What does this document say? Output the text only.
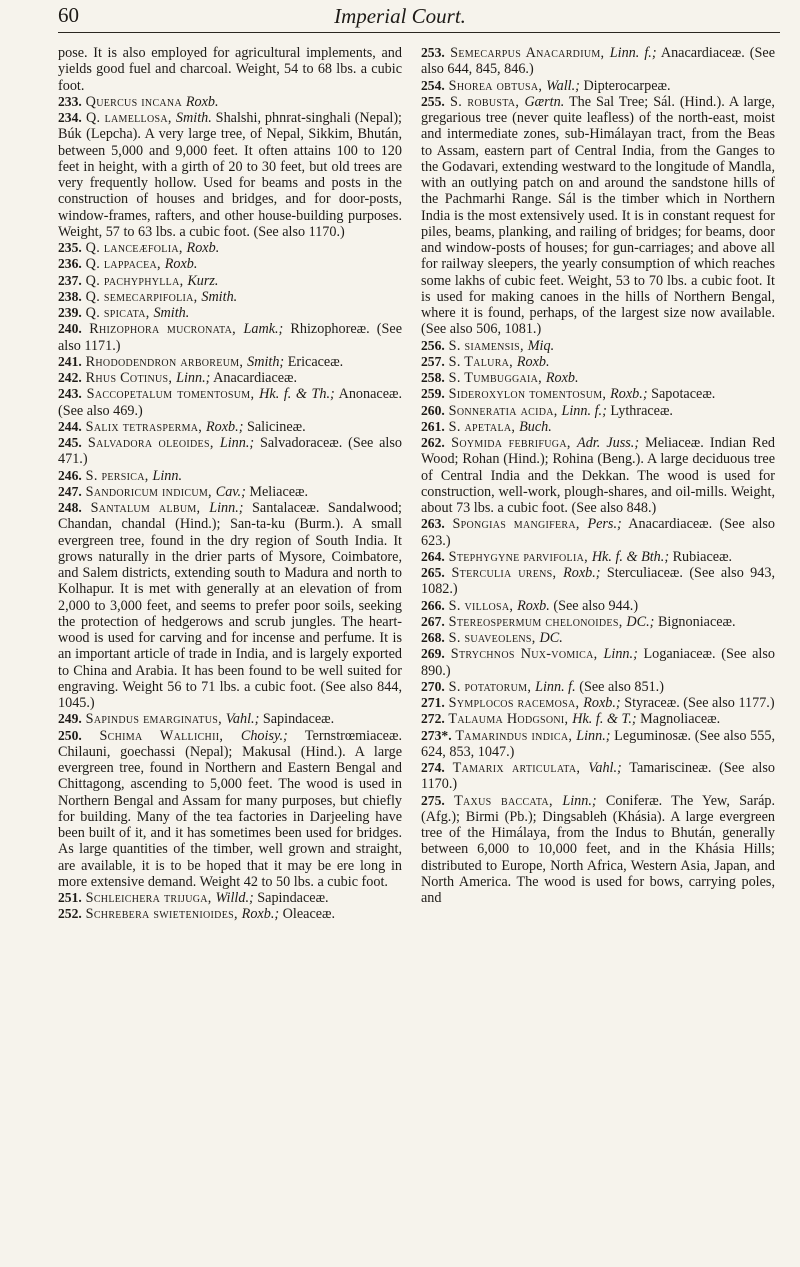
60	Imperial Court.

pose. It is also employed for agricultural implements, and yields good fuel and charcoal. Weight, 54 to 68 lbs. a cubic foot.

233. Quercus incana Roxb.

234. Q. lamellosa, Smith. Shalshi, phnrat-singhali (Nepal); Búk (Lepcha). A very large tree, of Nepal, Sikkim, Bhután, between 5,000 and 9,000 feet. It often attains 100 to 120 feet in height, with a girth of 20 to 30 feet, but old trees are very frequently hollow. Used for beams and posts in the construction of houses and bridges, and for door-posts, window-frames, rafters, and other house-building purposes. Weight, 57 to 63 lbs. a cubic foot. (See also 1170.)

235. Q. lanceæfolia, Roxb.

236. Q. lappacea, Roxb.

237. Q. pachyphylla, Kurz.

238. Q. semecarpifolia, Smith.

239. Q. spicata, Smith.

240. Rhizophora mucronata, Lamk.; Rhizophoreæ. (See also 1171.)

241. Rhododendron arboreum, Smith; Ericaceæ.

242. Rhus Cotinus, Linn.; Anacardiaceæ.

243. Saccopetalum tomentosum, Hk. f. & Th.; Anonaceæ. (See also 469.)

244. Salix tetrasperma, Roxb.; Salicineæ.

245. Salvadora oleoides, Linn.; Salvadoraceæ. (See also 471.)

246. S. persica, Linn.

247. Sandoricum indicum, Cav.; Meliaceæ.

248. Santalum album, Linn.; Santalaceæ. Sandalwood; Chandan, chandal (Hind.); San-ta-ku (Burm.). A small evergreen tree, found in the dry region of South India. It grows naturally in the drier parts of Mysore, Coimbatore, and Salem districts, extending south to Madura and north to Kolhapur. It is met with generally at an elevation of from 2,000 to 3,000 feet, and seems to prefer poor soils, seeking the protection of hedgerows and scrub jungles. The heart-wood is used for carving and for incense and perfume. It is an important article of trade in India, and is largely exported to China and Arabia. It has been found to be well suited for engraving. Weight 56 to 71 lbs. a cubic foot. (See also 844, 1045.)

249. Sapindus emarginatus, Vahl.; Sapindaceæ.

250. Schima Wallichii, Choisy.; Ternstrœmiaceæ. Chilauni, goechassi (Nepal); Makusal (Hind.). A large evergreen tree, found in Northern and Eastern Bengal and Chittagong, ascending to 5,000 feet. The wood is used in Northern Bengal and Assam for many purposes, but chiefly for building. Many of the tea factories in Darjeeling have been built of it, and it has sometimes been used for bridges. As large quantities of the timber, well grown and straight, are available, it is to be hoped that it may be ere long in more extensive demand. Weight 42 to 50 lbs. a cubic foot.

251. Schleichera trijuga, Willd.; Sapindaceæ.

252. Schrebera swietenioides, Roxb.; Oleaceæ.

253. Semecarpus Anacardium, Linn. f.; Anacardiaceæ. (See also 644, 845, 846.)

254. Shorea obtusa, Wall.; Dipterocarpeæ.

255. S. robusta, Gærtn. The Sal Tree; Sál. (Hind.). A large, gregarious tree (never quite leafless) of the north-east, moist and intermediate zones, sub-Himálayan tract, from the Beas to Assam, eastern part of Central India, from the Ganges to the Godavari, extending westward to the longitude of Mandla, with an outlying patch on and around the sandstone hills of the Pachmarhi Range. Sál is the timber which in Northern India is the most extensively used. It is in constant request for piles, beams, planking, and railing of bridges; for beams, door and window-posts of houses; for gun-carriages; and above all for railway sleepers, the yearly consumption of which reaches some lakhs of cubic feet. Weight, 53 to 70 lbs. a cubic foot. It is used for making canoes in the hills of Northern Bengal, where it is found, perhaps, of the largest size now available. (See also 506, 1081.)

256. S. siamensis, Miq.

257. S. Talura, Roxb.

258. S. Tumbuggaia, Roxb.

259. Sideroxylon tomentosum, Roxb.; Sapotaceæ.

260. Sonneratia acida, Linn. f.; Lythraceæ.

261. S. apetala, Buch.

262. Soymida febrifuga, Adr. Juss.; Meliaceæ. Indian Red Wood; Rohan (Hind.); Rohina (Beng.). A large deciduous tree of Central India and the Dekkan. The wood is used for construction, well-work, plough-shares, and oil-mills. Weight, about 73 lbs. a cubic foot. (See also 848.)

263. Spongias mangifera, Pers.; Anacardiaceæ. (See also 623.)

264. Stephygyne parvifolia, Hk. f. & Bth.; Rubiaceæ.

265. Sterculia urens, Roxb.; Sterculiaceæ. (See also 943, 1082.)

266. S. villosa, Roxb. (See also 944.)

267. Stereospermum chelonoides, DC.; Bignoniaceæ.

268. S. suaveolens, DC.

269. Strychnos Nux-vomica, Linn.; Loganiaceæ. (See also 890.)

270. S. potatorum, Linn. f. (See also 851.)

271. Symplocos racemosa, Roxb.; Styraceæ. (See also 1177.)

272. Talauma Hodgsoni, Hk. f. & T.; Magnoliaceæ.

273*. Tamarindus indica, Linn.; Leguminosæ. (See also 555, 624, 853, 1047.)

274. Tamarix articulata, Vahl.; Tamariscineæ. (See also 1170.)

275. Taxus baccata, Linn.; Coniferæ. The Yew, Saráp. (Afg.); Birmi (Pb.); Dingsableh (Khásia). A large evergreen tree of the Himálaya, from the Indus to Bhután, generally between 6,000 to 10,000 feet, and in the Khásia Hills; distributed to Europe, North Africa, Western Asia, Japan, and North America. The wood is used for bows, carrying poles, and
